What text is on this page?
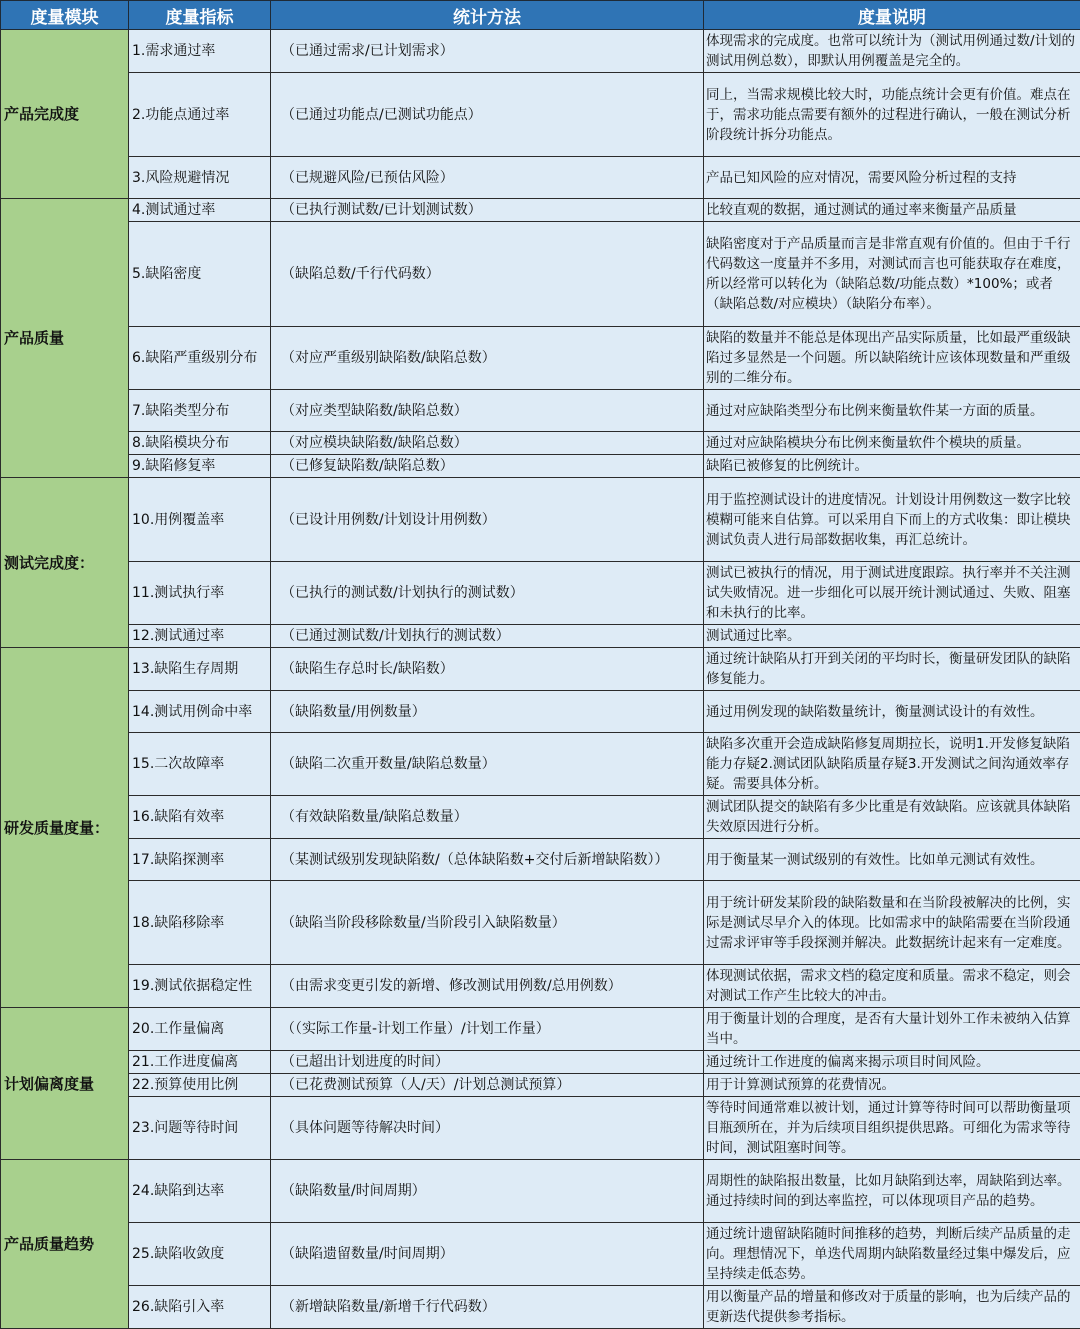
度量模块	度量指标	统计方法	度量说明
产品完成度	1.需求通过率	（已通过需求/已计划需求）	体现需求的完成度。也常可以统计为（测试用例通过数/计划的测试用例总数），即默认用例覆盖是完全的。
	2.功能点通过率	（已通过功能点/已测试功能点）	同上，当需求规模比较大时，功能点统计会更有价值。难点在于，需求功能点需要有额外的过程进行确认，一般在测试分析阶段统计拆分功能点。
	3.风险规避情况	（已规避风险/已预估风险）	产品已知风险的应对情况，需要风险分析过程的支持
产品质量	4.测试通过率	（已执行测试数/已计划测试数）	比较直观的数据，通过测试的通过率来衡量产品质量
	5.缺陷密度	（缺陷总数/千行代码数）	缺陷密度对于产品质量而言是非常直观有价值的。但由于千行代码数这一度量并不多用，对测试而言也可能获取存在难度，所以经常可以转化为（缺陷总数/功能点数）*100%；或者（缺陷总数/对应模块）（缺陷分布率）。
	6.缺陷严重级别分布	（对应严重级别缺陷数/缺陷总数）	缺陷的数量并不能总是体现出产品实际质量，比如最严重级缺陷过多显然是一个问题。所以缺陷统计应该体现数量和严重级别的二维分布。
	7.缺陷类型分布	（对应类型缺陷数/缺陷总数）	通过对应缺陷类型分布比例来衡量软件某一方面的质量。
	8.缺陷模块分布	（对应模块缺陷数/缺陷总数）	通过对应缺陷模块分布比例来衡量软件个模块的质量。
	9.缺陷修复率	（已修复缺陷数/缺陷总数）	缺陷已被修复的比例统计。
测试完成度：	10.用例覆盖率	（已设计用例数/计划设计用例数）	用于监控测试设计的进度情况。计划设计用例数这一数字比较模糊可能来自估算。可以采用自下而上的方式收集：即让模块测试负责人进行局部数据收集，再汇总统计。
	11.测试执行率	（已执行的测试数/计划执行的测试数）	测试已被执行的情况，用于测试进度跟踪。执行率并不关注测试失败情况。进一步细化可以展开统计测试通过、失败、阻塞和未执行的比率。
	12.测试通过率	（已通过测试数/计划执行的测试数）	测试通过比率。
研发质量度量：	13.缺陷生存周期	（缺陷生存总时长/缺陷数）	通过统计缺陷从打开到关闭的平均时长，衡量研发团队的缺陷修复能力。
	14.测试用例命中率	（缺陷数量/用例数量）	通过用例发现的缺陷数量统计，衡量测试设计的有效性。
	15.二次故障率	（缺陷二次重开数量/缺陷总数量）	缺陷多次重开会造成缺陷修复周期拉长，说明1.开发修复缺陷能力存疑2.测试团队缺陷质量存疑3.开发测试之间沟通效率存疑。需要具体分析。
	16.缺陷有效率	（有效缺陷数量/缺陷总数量）	测试团队提交的缺陷有多少比重是有效缺陷。应该就具体缺陷失效原因进行分析。
	17.缺陷探测率	（某测试级别发现缺陷数/（总体缺陷数+交付后新增缺陷数））	用于衡量某一测试级别的有效性。比如单元测试有效性。
	18.缺陷移除率	（缺陷当阶段移除数量/当阶段引入缺陷数量）	用于统计研发某阶段的缺陷数量和在当阶段被解决的比例，实际是测试尽早介入的体现。比如需求中的缺陷需要在当阶段通过需求评审等手段探测并解决。此数据统计起来有一定难度。
	19.测试依据稳定性	（由需求变更引发的新增、修改测试用例数/总用例数）	体现测试依据，需求文档的稳定度和质量。需求不稳定，则会对测试工作产生比较大的冲击。
计划偏离度量	20.工作量偏离	（（实际工作量-计划工作量）/计划工作量）	用于衡量计划的合理度，是否有大量计划外工作未被纳入估算当中。
	21.工作进度偏离	（已超出计划进度的时间）	通过统计工作进度的偏离来揭示项目时间风险。
	22.预算使用比例	（已花费测试预算（人/天）/计划总测试预算）	用于计算测试预算的花费情况。
	23.问题等待时间	（具体问题等待解决时间）	等待时间通常难以被计划，通过计算等待时间可以帮助衡量项目瓶颈所在，并为后续项目组织提供思路。可细化为需求等待时间，测试阻塞时间等。
产品质量趋势	24.缺陷到达率	（缺陷数量/时间周期）	周期性的缺陷报出数量，比如月缺陷到达率，周缺陷到达率。通过持续时间的到达率监控，可以体现项目产品的趋势。
	25.缺陷收敛度	（缺陷遗留数量/时间周期）	通过统计遗留缺陷随时间推移的趋势，判断后续产品质量的走向。理想情况下，单迭代周期内缺陷数量经过集中爆发后，应呈持续走低态势。
	26.缺陷引入率	（新增缺陷数量/新增千行代码数）	用以衡量产品的增量和修改对于质量的影响，也为后续产品的更新迭代提供参考指标。
